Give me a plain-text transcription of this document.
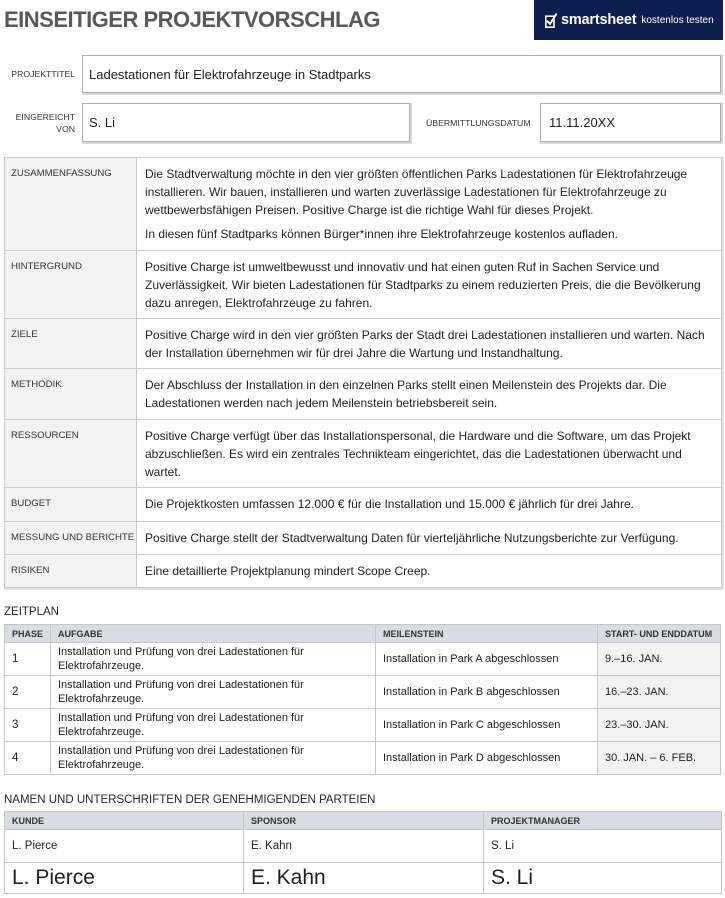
EINSEITIGER PROJEKTVORSCHLAG	smartsheet kostenlos testen
PROJEKTTITEL	Ladestationen für Elektrofahrzeuge in Stadtparks
EINGEREICHT VON	S. Li	ÜBERMITTLUNGSDATUM	11.11.20XX
ZUSAMMENFASSUNG	Die Stadtverwaltung möchte in den vier größten öffentlichen Parks Ladestationen für Elektrofahrzeuge installieren. Wir bauen, installieren und warten zuverlässige Ladestationen für Elektrofahrzeuge zu wettbewerbsfähigen Preisen. Positive Charge ist die richtige Wahl für dieses Projekt.

In diesen fünf Stadtparks können Bürger*innen ihre Elektrofahrzeuge kostenlos aufladen.

HINTERGRUND	Positive Charge ist umweltbewusst und innovativ und hat einen guten Ruf in Sachen Service und Zuverlässigkeit. Wir bieten Ladestationen für Stadtparks zu einem reduzierten Preis, die die Bevölkerung dazu anregen, Elektrofahrzeuge zu fahren.

ZIELE	Positive Charge wird in den vier größten Parks der Stadt drei Ladestationen installieren und warten. Nach der Installation übernehmen wir für drei Jahre die Wartung und Instandhaltung.

METHODIK	Der Abschluss der Installation in den einzelnen Parks stellt einen Meilenstein des Projekts dar. Die Ladestationen werden nach jedem Meilenstein betriebsbereit sein.

RESSOURCEN	Positive Charge verfügt über das Installationspersonal, die Hardware und die Software, um das Projekt abzuschließen. Es wird ein zentrales Technikteam eingerichtet, das die Ladestationen überwacht und wartet.

BUDGET	Die Projektkosten umfassen 12.000 € für die Installation und 15.000 € jährlich für drei Jahre.

MESSUNG UND BERICHTE	Positive Charge stellt der Stadtverwaltung Daten für vierteljährliche Nutzungsberichte zur Verfügung.

RISIKEN	Eine detaillierte Projektplanung mindert Scope Creep.

ZEITPLAN
PHASE	AUFGABE	MEILENSTEIN	START- UND ENDDATUM
1	Installation und Prüfung von drei Ladestationen für Elektrofahrzeuge.	Installation in Park A abgeschlossen	9.–16. JAN.
2	Installation und Prüfung von drei Ladestationen für Elektrofahrzeuge.	Installation in Park B abgeschlossen	16.–23. JAN.
3	Installation und Prüfung von drei Ladestationen für Elektrofahrzeuge.	Installation in Park C abgeschlossen	23.–30. JAN.
4	Installation und Prüfung von drei Ladestationen für Elektrofahrzeuge.	Installation in Park D abgeschlossen	30. JAN. – 6. FEB.
NAMEN UND UNTERSCHRIFTEN DER GENEHMIGENDEN PARTEIEN
KUNDE	SPONSOR	PROJEKTMANAGER
L. Pierce	E. Kahn	S. Li
L. Pierce	E. Kahn	S. Li
